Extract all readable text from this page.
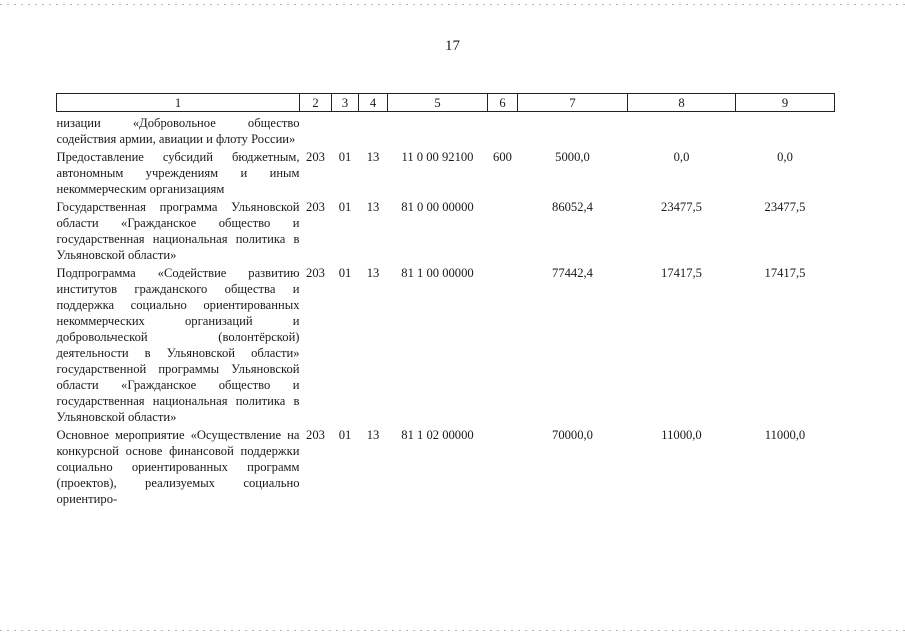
17
1	2	3	4	5	6	7	8	9
низации «Добровольное общество содействия армии, авиации и флоту России»								
Предоставление субсидий бюджетным, автономным учреждениям и иным некоммерческим организациям	203	01	13	11 0 00 92100	600	5000,0	0,0	0,0
Государственная программа Ульяновской области «Гражданское общество и государственная национальная политика в Ульяновской области»	203	01	13	81 0 00 00000		86052,4	23477,5	23477,5
Подпрограмма «Содействие развитию институтов гражданского общества и поддержка социально ориентированных некоммерческих организаций и добровольческой (волонтёрской) деятельности в Ульяновской области» государственной программы Ульяновской области «Гражданское общество и государственная национальная политика в Ульяновской области»	203	01	13	81 1 00 00000		77442,4	17417,5	17417,5
Основное мероприятие «Осуществление на конкурсной основе финансовой поддержки социально ориентированных программ (проектов), реализуемых социально ориентиро-	203	01	13	81 1 02 00000		70000,0	11000,0	11000,0
